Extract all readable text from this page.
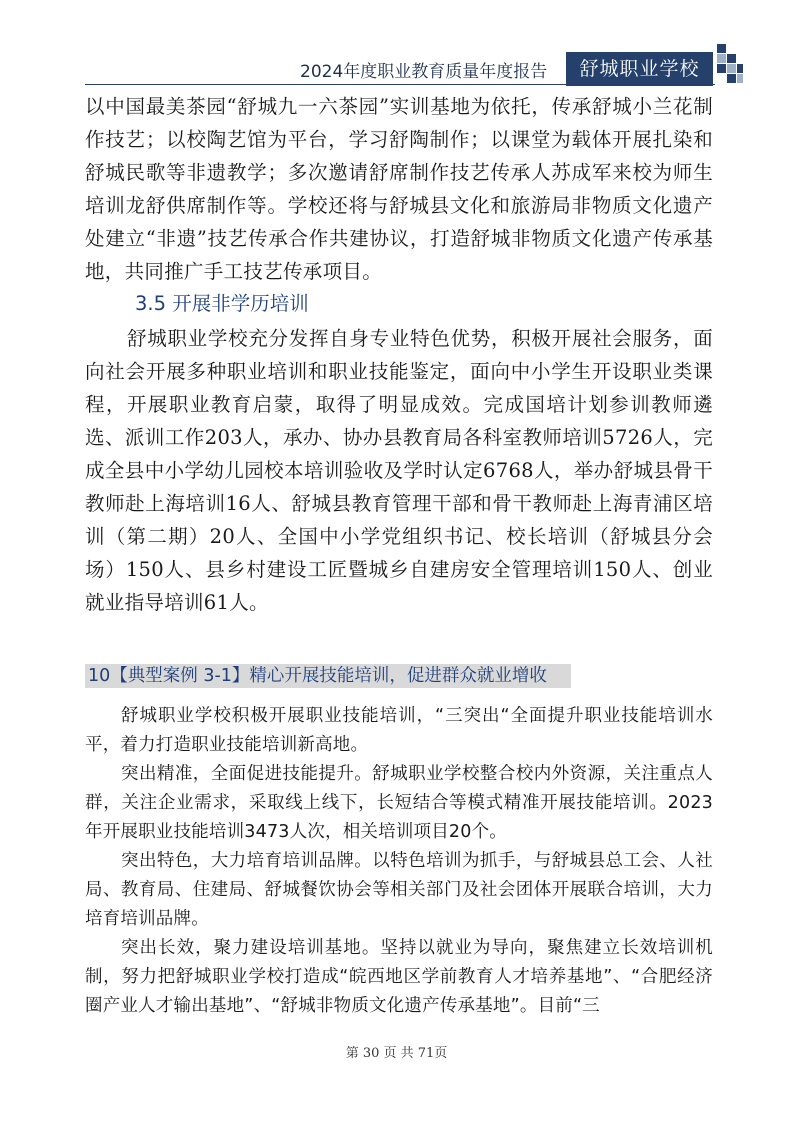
2024年度职业教育质量年度报告	舒城职业学校

以中国最美茶园“舒城九一六茶园”实训基地为依托，传承舒城小兰花制作技艺；以校陶艺馆为平台，学习舒陶制作；以课堂为载体开展扎染和舒城民歌等非遗教学；多次邀请舒席制作技艺传承人苏成军来校为师生培训龙舒供席制作等。学校还将与舒城县文化和旅游局非物质文化遗产处建立“非遗”技艺传承合作共建协议，打造舒城非物质文化遗产传承基地，共同推广手工技艺传承项目。

3.5 开展非学历培训

舒城职业学校充分发挥自身专业特色优势，积极开展社会服务，面向社会开展多种职业培训和职业技能鉴定，面向中小学生开设职业类课程，开展职业教育启蒙，取得了明显成效。完成国培计划参训教师遴选、派训工作203人，承办、协办县教育局各科室教师培训5726人，完成全县中小学幼儿园校本培训验收及学时认定6768人，举办舒城县骨干教师赴上海培训16人、舒城县教育管理干部和骨干教师赴上海青浦区培训（第二期）20人、全国中小学党组织书记、校长培训（舒城县分会场）150人、县乡村建设工匠暨城乡自建房安全管理培训150人、创业就业指导培训61人。

10【典型案例 3-1】精心开展技能培训，促进群众就业增收

舒城职业学校积极开展职业技能培训，“三突出“全面提升职业技能培训水平，着力打造职业技能培训新高地。

突出精准，全面促进技能提升。舒城职业学校整合校内外资源，关注重点人群，关注企业需求，采取线上线下，长短结合等模式精准开展技能培训。2023年开展职业技能培训3473人次，相关培训项目20个。

突出特色，大力培育培训品牌。以特色培训为抓手，与舒城县总工会、人社局、教育局、住建局、舒城餐饮协会等相关部门及社会团体开展联合培训，大力培育培训品牌。

突出长效，聚力建设培训基地。坚持以就业为导向，聚焦建立长效培训机制，努力把舒城职业学校打造成“皖西地区学前教育人才培养基地”、“合肥经济圈产业人才输出基地”、“舒城非物质文化遗产传承基地”。目前“三

第 30 页 共 71页
